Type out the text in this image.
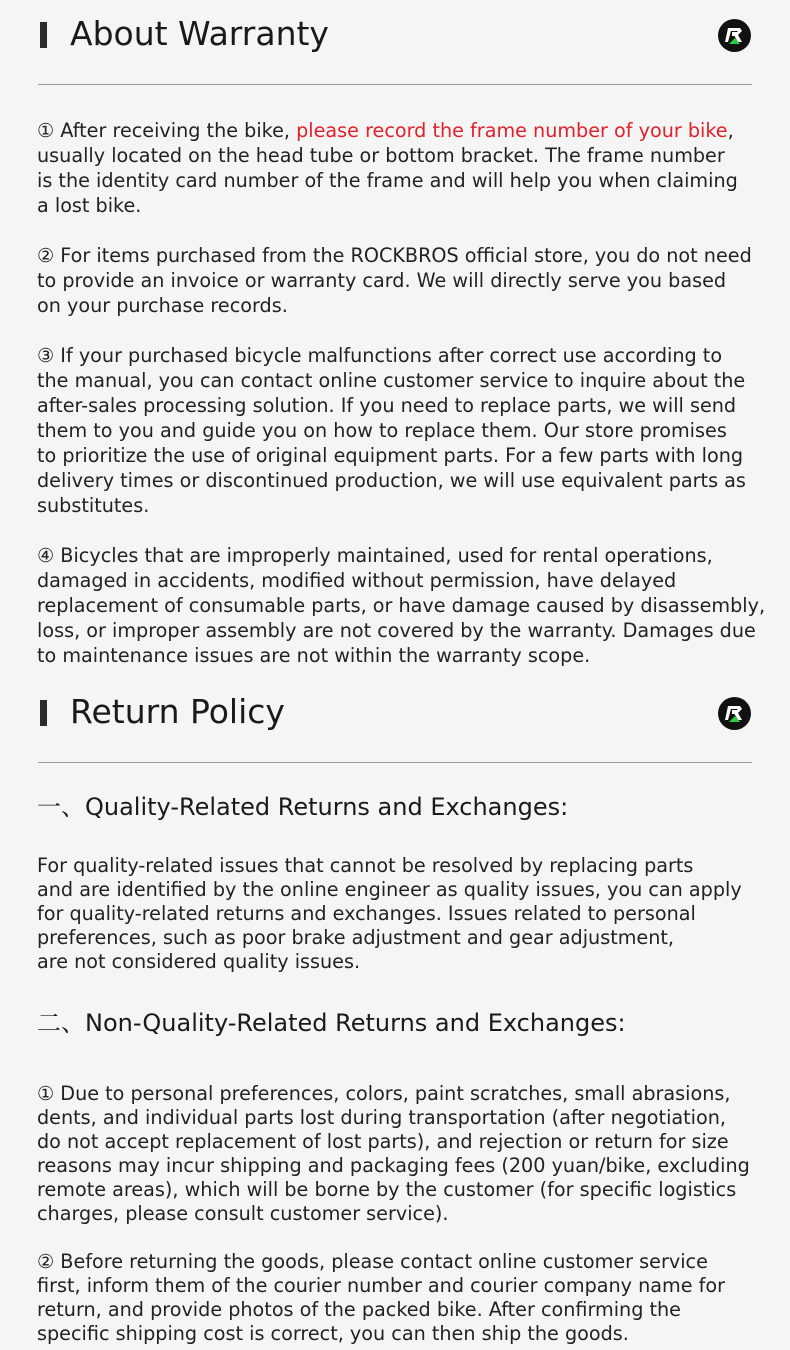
About Warranty
① After receiving the bike, please record the frame number of your bike,
usually located on the head tube or bottom bracket. The frame number
is the identity card number of the frame and will help you when claiming
a lost bike.
② For items purchased from the ROCKBROS official store, you do not need
to provide an invoice or warranty card. We will directly serve you based
on your purchase records.
③ If your purchased bicycle malfunctions after correct use according to
the manual, you can contact online customer service to inquire about the
after-sales processing solution. If you need to replace parts, we will send
them to you and guide you on how to replace them. Our store promises
to prioritize the use of original equipment parts. For a few parts with long
delivery times or discontinued production, we will use equivalent parts as
substitutes.
④ Bicycles that are improperly maintained, used for rental operations,
damaged in accidents, modified without permission, have delayed
replacement of consumable parts, or have damage caused by disassembly,
loss, or improper assembly are not covered by the warranty. Damages due
to maintenance issues are not within the warranty scope.
Return Policy
一、Quality-Related Returns and Exchanges:
For quality-related issues that cannot be resolved by replacing parts
and are identified by the online engineer as quality issues, you can apply
for quality-related returns and exchanges. Issues related to personal
preferences, such as poor brake adjustment and gear adjustment,
are not considered quality issues.
二、Non-Quality-Related Returns and Exchanges:
① Due to personal preferences, colors, paint scratches, small abrasions,
dents, and individual parts lost during transportation (after negotiation,
do not accept replacement of lost parts), and rejection or return for size
reasons may incur shipping and packaging fees (200 yuan/bike, excluding
remote areas), which will be borne by the customer (for specific logistics
charges, please consult customer service).
② Before returning the goods, please contact online customer service
first, inform them of the courier number and courier company name for
return, and provide photos of the packed bike. After confirming the
specific shipping cost is correct, you can then ship the goods.
